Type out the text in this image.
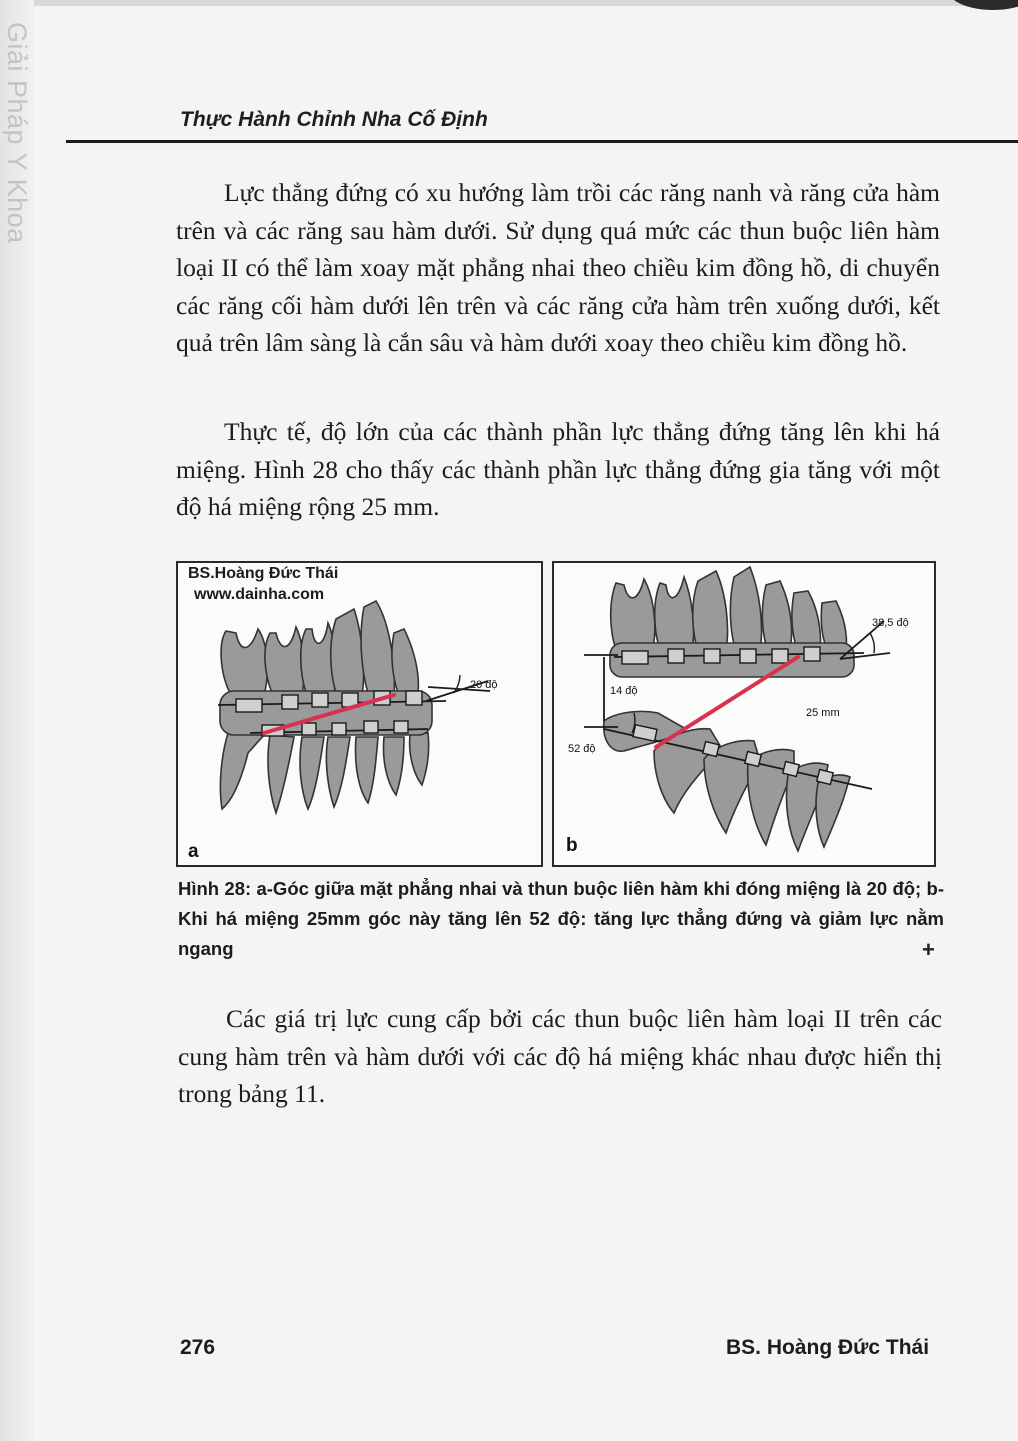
Giải Pháp Y Khoa	Thực Hành Chỉnh Nha Cố Định

Lực thẳng đứng có xu hướng làm trồi các răng nanh và răng cửa hàm trên và các răng sau hàm dưới. Sử dụng quá mức các thun buộc liên hàm loại II có thể làm xoay mặt phẳng nhai theo chiều kim đồng hồ, di chuyển các răng cối hàm dưới lên trên và các răng cửa hàm trên xuống dưới, kết quả trên lâm sàng là cắn sâu và hàm dưới xoay theo chiều kim đồng hồ.

Thực tế, độ lớn của các thành phần lực thẳng đứng tăng lên khi há miệng. Hình 28 cho thấy các thành phần lực thẳng đứng gia tăng với một độ há miệng rộng 25 mm.

BS.Hoàng Đức Thái
www.dainha.com
20 độ
a
38,5 độ
14 độ
25 mm
52 độ
b

Hình 28: a-Góc giữa mặt phẳng nhai và thun buộc liên hàm khi đóng miệng là 20 độ; b-Khi há miệng 25mm góc này tăng lên 52 độ: tăng lực thẳng đứng và giảm lực nằm ngang	+

Các giá trị lực cung cấp bởi các thun buộc liên hàm loại II trên các cung hàm trên và hàm dưới với các độ há miệng khác nhau được hiển thị trong bảng 11.

276	BS. Hoàng Đức Thái
